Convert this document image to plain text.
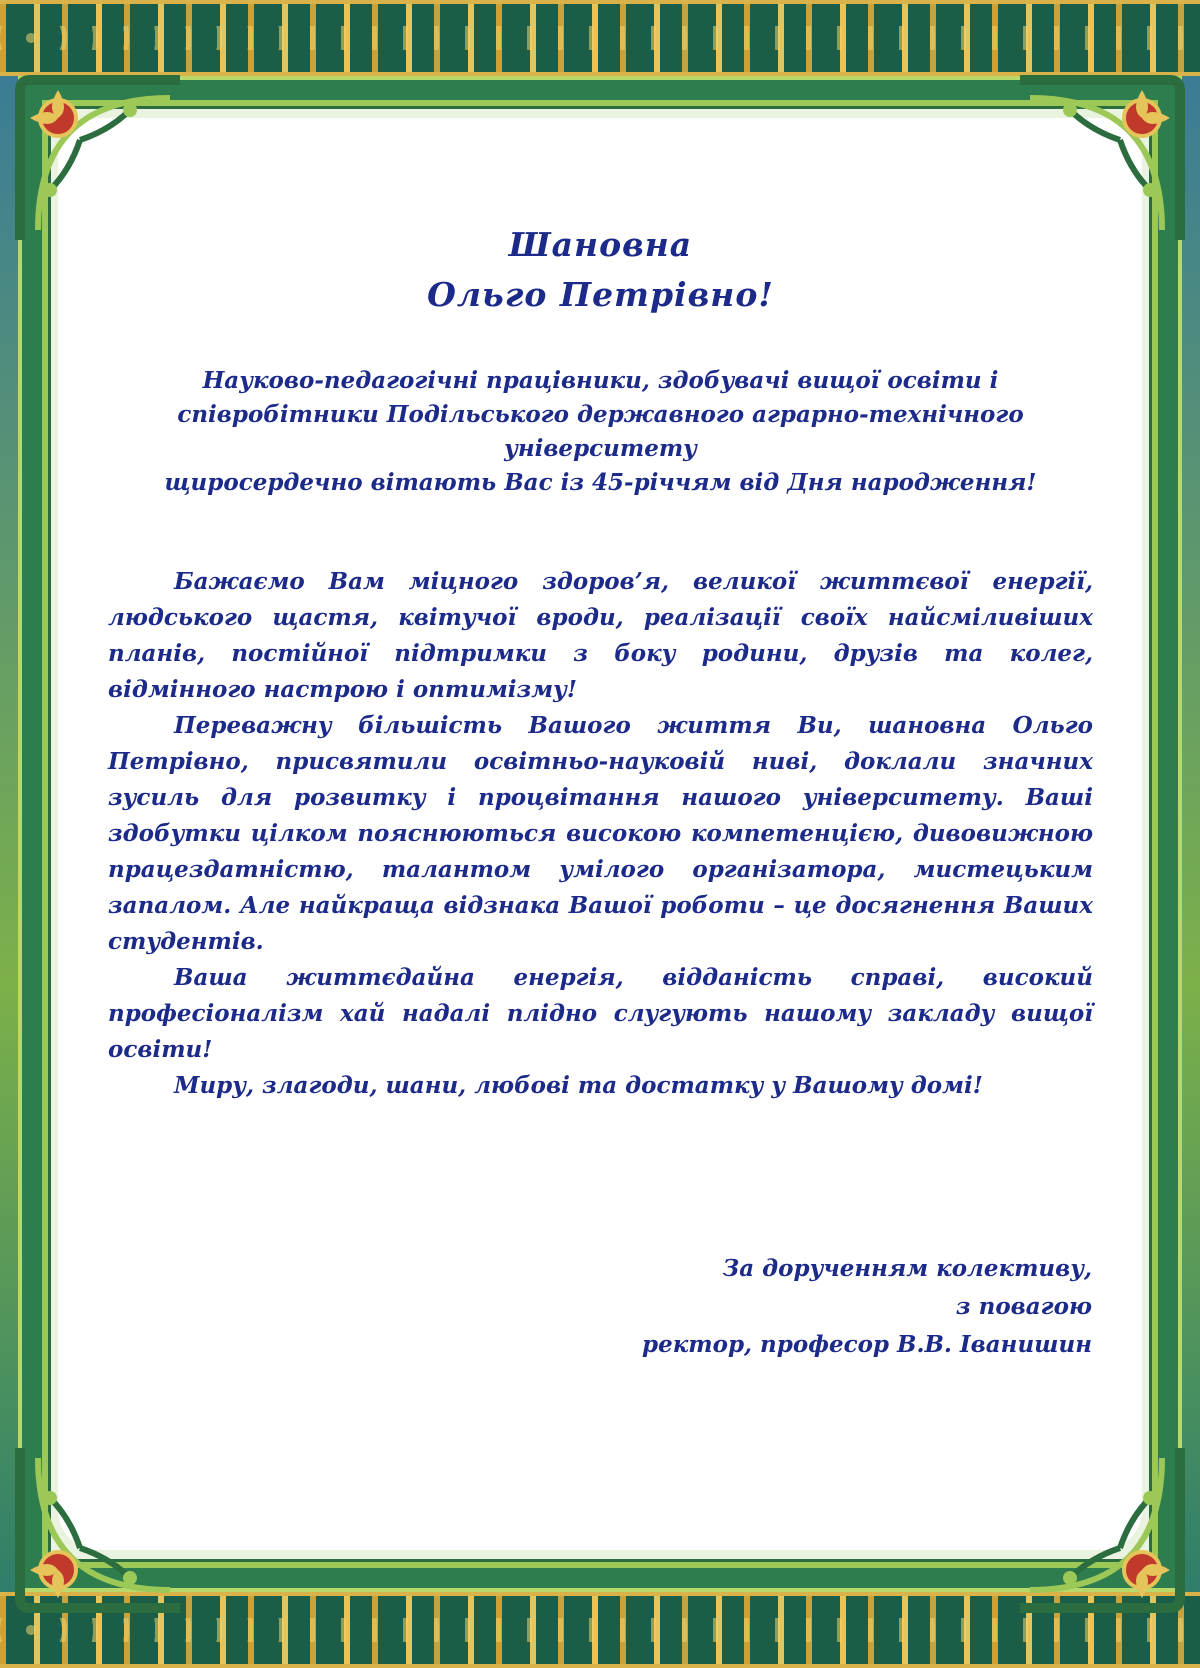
Шановна
Ольго Петрівно!
Науково-педагогічні працівники, здобувачі вищої освіти і
співробітники Подільського державного аграрно-технічного
університету
щиросердечно вітають Вас із 45-річчям від Дня народження!

Бажаємо Вам міцного здоров’я, великої життєвої енергії, людського щастя, квітучої вроди, реалізації своїх найсміливіших планів, постійної підтримки з боку родини, друзів та колег, відмінного настрою і оптимізму!

Переважну більшість Вашого життя Ви, шановна Ольго Петрівно, присвятили освітньо-науковій ниві, доклали значних зусиль для розвитку і процвітання нашого університету. Ваші здобутки цілком пояснюються високою компетенцією, дивовижною працездатністю, талантом умілого організатора, мистецьким запалом. Але найкраща відзнака Вашої роботи – це досягнення Ваших студентів.

Ваша життєдайна енергія, відданість справі, високий професіоналізм хай надалі плідно слугують нашому закладу вищої освіти!

Миру, злагоди, шани, любові та достатку у Вашому домі!

За дорученням колективу,
з повагою
ректор, професор В.В. Іванишин
